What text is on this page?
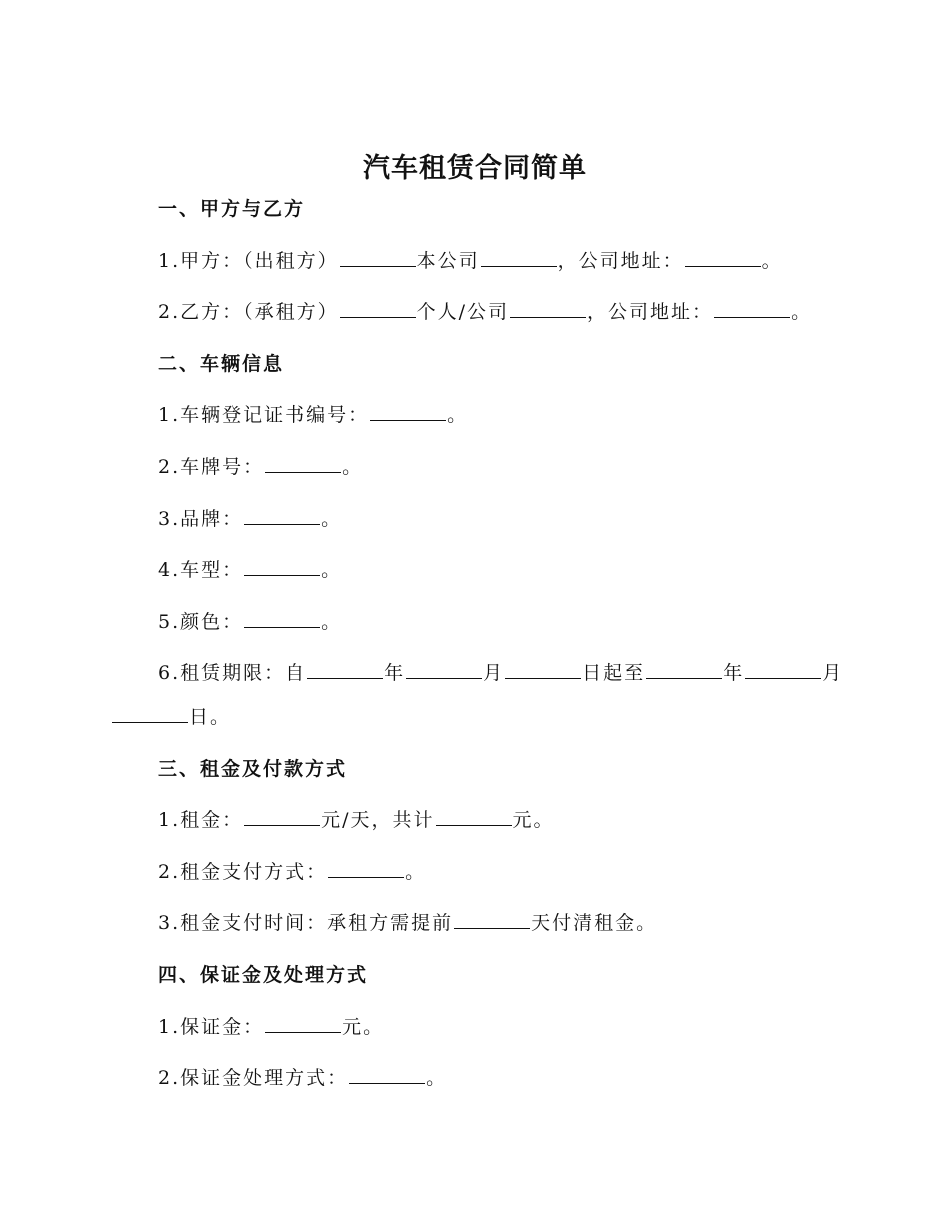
汽车租赁合同简单
一、甲方与乙方
1.甲方：（出租方）	本公司	，公司地址：	。
2.乙方：（承租方）	个人/公司	，公司地址：	。
二、车辆信息
1.车辆登记证书编号：	。
2.车牌号：	。
3.品牌：	。
4.车型：	。
5.颜色：	。
6.租赁期限：自	年	月	日起至	年	月
日。
三、租金及付款方式
1.租金：	元/天，共计	元。
2.租金支付方式：	。
3.租金支付时间：承租方需提前	天付清租金。
四、保证金及处理方式
1.保证金：	元。
2.保证金处理方式：	。
